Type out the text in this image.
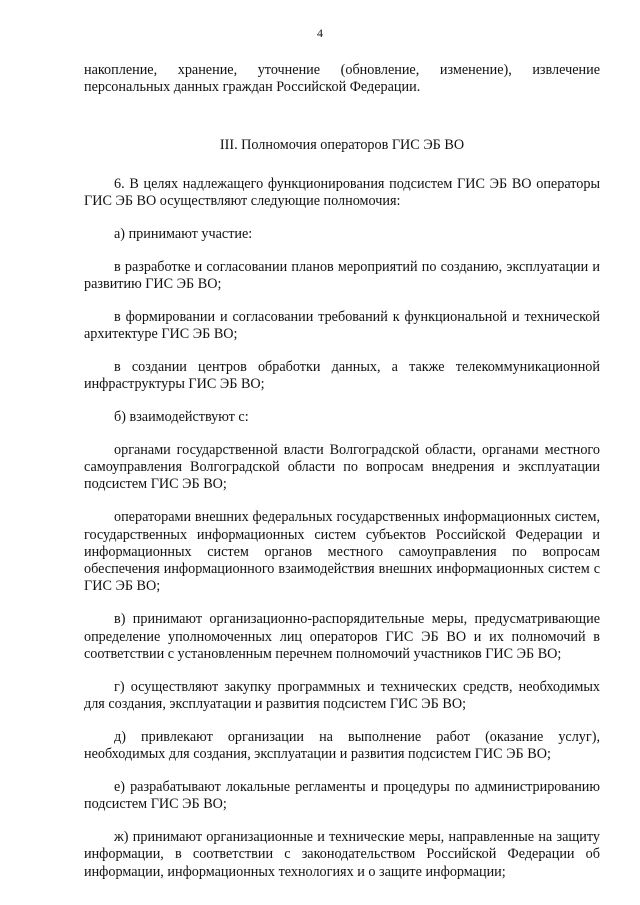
4

накопление, хранение, уточнение (обновление, изменение), извлечение персональных данных граждан Российской Федерации.

III. Полномочия операторов ГИС ЭБ ВО

6. В целях надлежащего функционирования подсистем ГИС ЭБ ВО операторы ГИС ЭБ ВО осуществляют следующие полномочия:

а) принимают участие:

в разработке и согласовании планов мероприятий по созданию, эксплуатации и развитию ГИС ЭБ ВО;

в формировании и согласовании требований к функциональной и технической архитектуре ГИС ЭБ ВО;

в создании центров обработки данных, а также телекоммуникационной инфраструктуры ГИС ЭБ ВО;

б) взаимодействуют с:

органами государственной власти Волгоградской области, органами местного самоуправления Волгоградской области по вопросам внедрения и эксплуатации подсистем ГИС ЭБ ВО;

операторами внешних федеральных государственных информационных систем, государственных информационных систем субъектов Российской Федерации и информационных систем органов местного самоуправления по вопросам обеспечения информационного взаимодействия внешних информационных систем с ГИС ЭБ ВО;

в) принимают организационно-распорядительные меры, предусматривающие определение уполномоченных лиц операторов ГИС ЭБ ВО и их полномочий в соответствии с установленным перечнем полномочий участников ГИС ЭБ ВО;

г) осуществляют закупку программных и технических средств, необходимых для создания, эксплуатации и развития подсистем ГИС ЭБ ВО;

д) привлекают организации на выполнение работ (оказание услуг), необходимых для создания, эксплуатации и развития подсистем ГИС ЭБ ВО;

е) разрабатывают локальные регламенты и процедуры по администрированию подсистем ГИС ЭБ ВО;

ж) принимают организационные и технические меры, направленные на защиту информации, в соответствии с законодательством Российской Федерации об информации, информационных технологиях и о защите информации;
